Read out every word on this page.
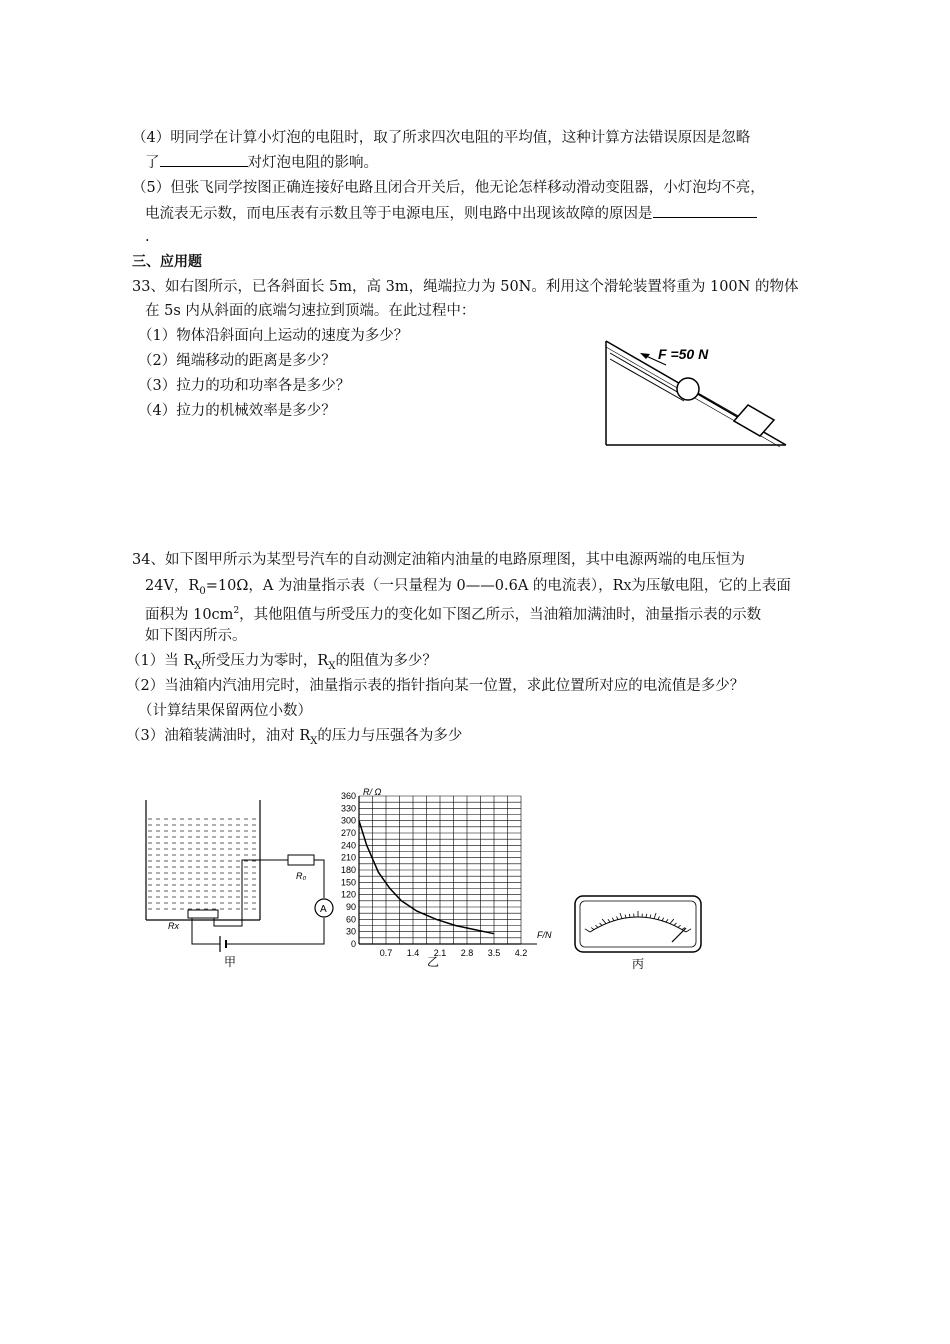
（4）明同学在计算小灯泡的电阻时，取了所求四次电阻的平均值，这种计算方法错误原因是忽略
了	对灯泡电阻的影响。
（5）但张飞同学按图正确连接好电路且闭合开关后，他无论怎样移动滑动变阻器，小灯泡均不亮，
电流表无示数，而电压表有示数且等于电源电压，则电路中出现该故障的原因是
.
三、应用题
33、如右图所示，已各斜面长 5m，高 3m，绳端拉力为 50N。利用这个滑轮装置将重为 100N 的物体
在 5s 内从斜面的底端匀速拉到顶端。在此过程中：
（1）物体沿斜面向上运动的速度为多少？
（2）绳端移动的距离是多少？
（3）拉力的功和功率各是多少？
（4）拉力的机械效率是多少？
F =50 N
34、如下图甲所示为某型号汽车的自动测定油箱内油量的电路原理图，其中电源两端的电压恒为
24V，$R_0=10\Omega$，A 为油量指示表（一只量程为 0——0.6A 的电流表），RX为压敏电阻，它的上表面
面积为 $10cm^2$，其他阻值与所受压力的变化如下图乙所示，当油箱加满油时，油量指示表的示数
如下图丙所示。
（1）当 $R_X$所受压力为零时，$R_X$的阻值为多少？
（2）当油箱内汽油用完时，油量指示表的指针指向某一位置，求此位置所对应的电流值是多少？
（计算结果保留两位小数）
（3）油箱装满油时，油对 $R_X$的压力与压强各为多少
Rx
R₀
A
甲
0
30
60
90
120
150
180
210
240
270
300
330
360
0.7 1.4 2.1 2.8 3.5 4.2
R/ Ω
F/N
乙	丙
